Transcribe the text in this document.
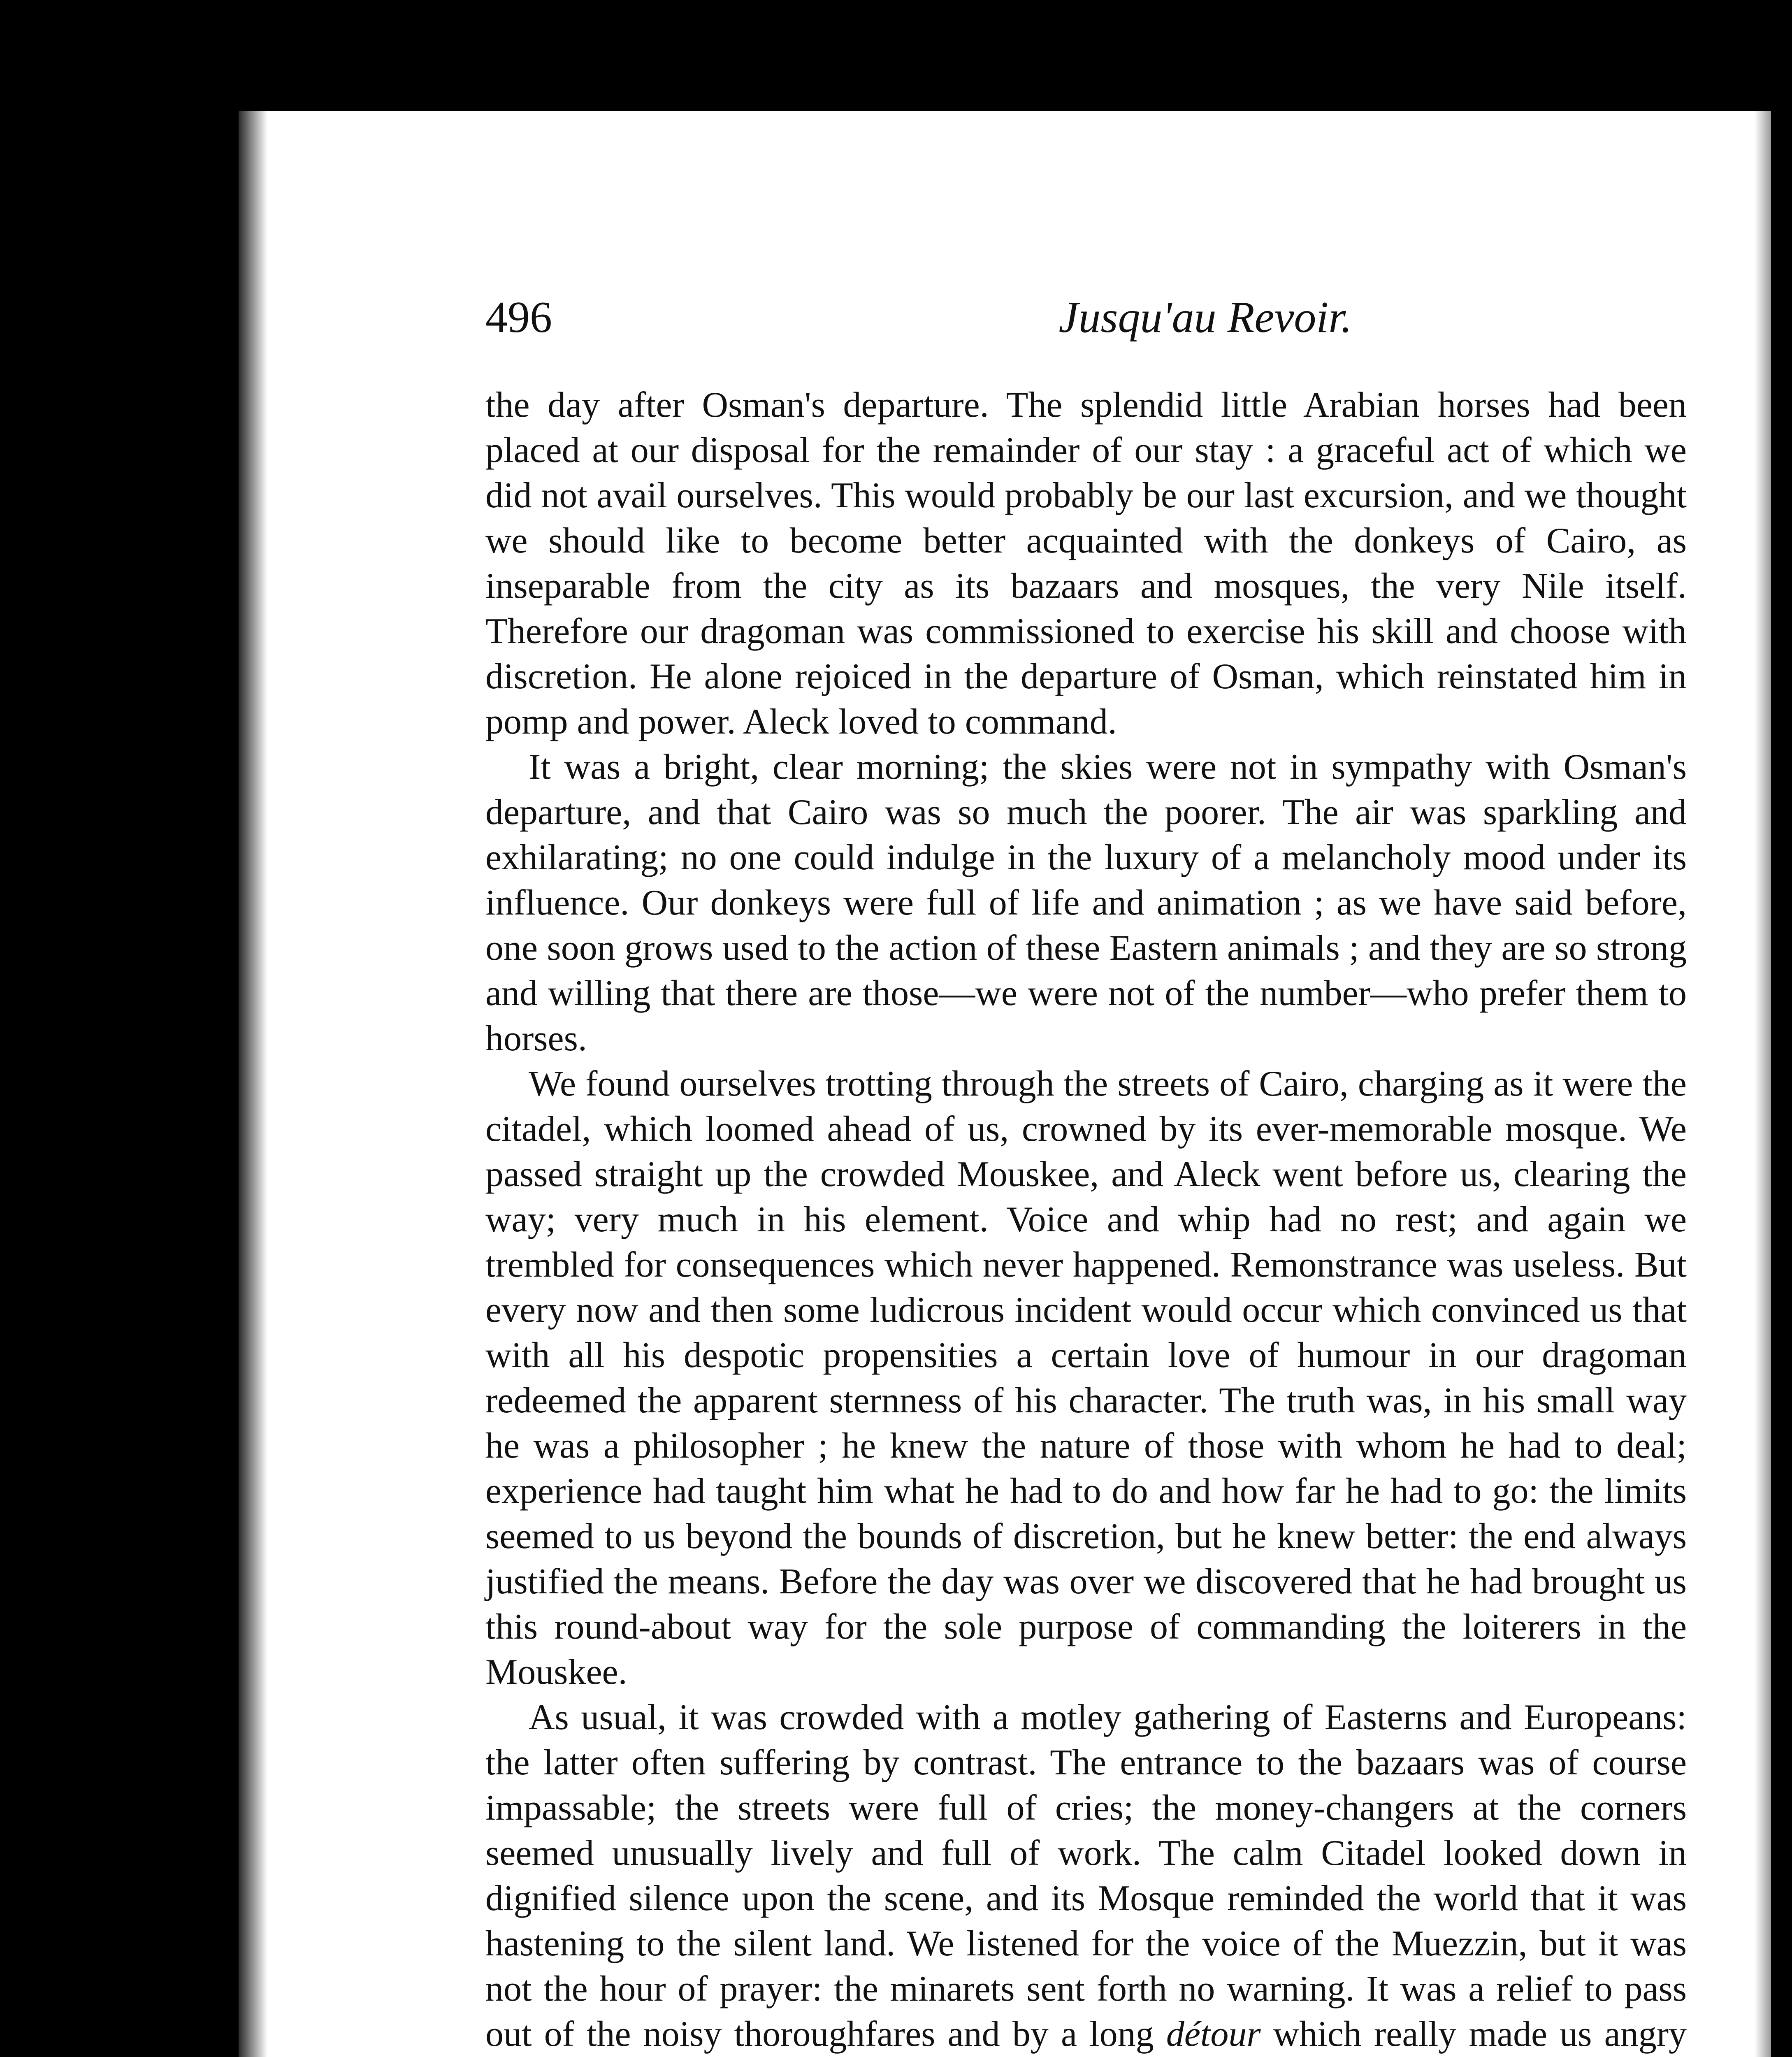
496	Jusqu'au Revoir.

the day after Osman's departure. The splendid little Arabian horses had been placed at our disposal for the remainder of our stay : a graceful act of which we did not avail ourselves. This would probably be our last excursion, and we thought we should like to become better acquainted with the donkeys of Cairo, as inseparable from the city as its bazaars and mosques, the very Nile itself. Therefore our dragoman was commissioned to exercise his skill and choose with discretion. He alone rejoiced in the departure of Osman, which reinstated him in pomp and power. Aleck loved to command.

It was a bright, clear morning; the skies were not in sympathy with Osman's departure, and that Cairo was so much the poorer. The air was sparkling and exhilarating; no one could indulge in the luxury of a melancholy mood under its influence. Our donkeys were full of life and animation ; as we have said before, one soon grows used to the action of these Eastern animals ; and they are so strong and willing that there are those—we were not of the number—who prefer them to horses.

We found ourselves trotting through the streets of Cairo, charging as it were the citadel, which loomed ahead of us, crowned by its ever-memorable mosque. We passed straight up the crowded Mouskee, and Aleck went before us, clearing the way; very much in his element. Voice and whip had no rest; and again we trembled for consequences which never happened. Remonstrance was useless. But every now and then some ludicrous incident would occur which convinced us that with all his despotic propensities a certain love of humour in our dragoman redeemed the apparent sternness of his character. The truth was, in his small way he was a philosopher ; he knew the nature of those with whom he had to deal; experience had taught him what he had to do and how far he had to go: the limits seemed to us beyond the bounds of discretion, but he knew better: the end always justified the means. Before the day was over we discovered that he had brought us this round-about way for the sole purpose of commanding the loiterers in the Mouskee.

As usual, it was crowded with a motley gathering of Easterns and Europeans: the latter often suffering by contrast. The entrance to the bazaars was of course impassable; the streets were full of cries; the money-changers at the corners seemed unusually lively and full of work. The calm Citadel looked down in dignified silence upon the scene, and its Mosque reminded the world that it was hastening to the silent land. We listened for the voice of the Muezzin, but it was not the hour of prayer: the minarets sent forth no warning. It was a relief to pass out of the noisy thoroughfares and by a long détour which really made us angry
